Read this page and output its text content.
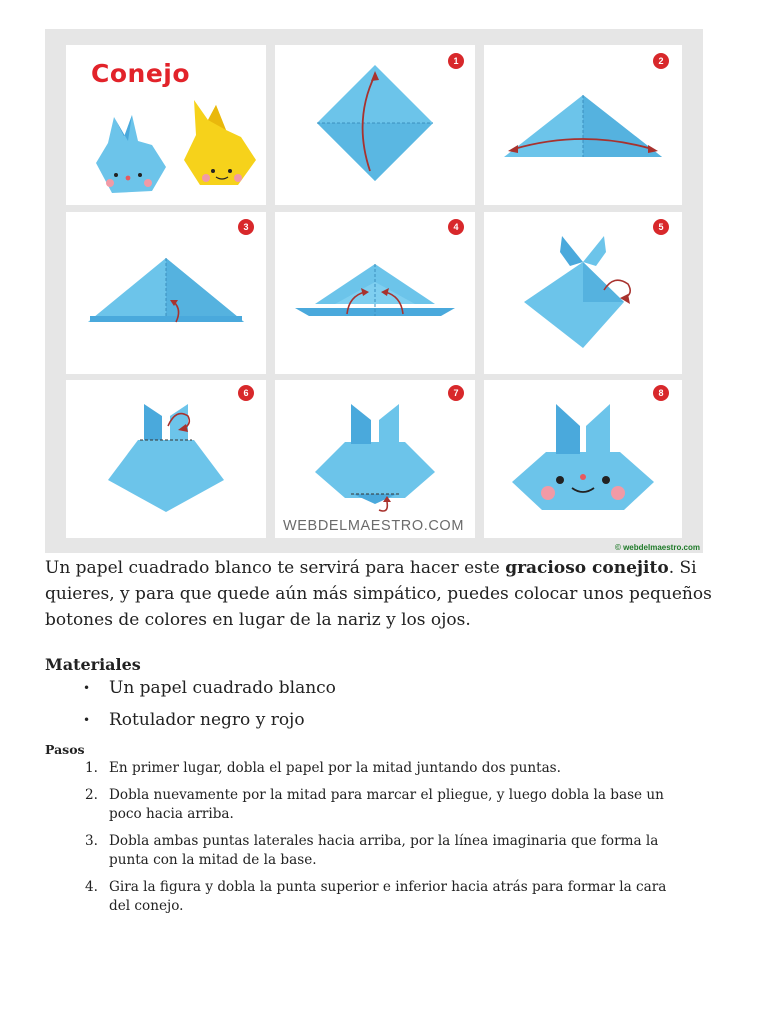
Conejo	1	2
3	4	5
6	7	8
WEBDELMAESTRO.COM
© webdelmaestro.com

Un papel cuadrado blanco te servirá para hacer este gracioso conejito. Si quieres, y para que quede aún más simpático, puedes colocar unos pequeños botones de colores en lugar de la nariz y los ojos.

Materiales
Un papel cuadrado blanco
Rotulador negro y rojo
Pasos
1. En primer lugar, dobla el papel por la mitad juntando dos puntas.
2. Dobla nuevamente por la mitad para marcar el pliegue, y luego dobla la base un poco hacia arriba.
3. Dobla ambas puntas laterales hacia arriba, por la línea imaginaria que forma la punta con la mitad de la base.
4. Gira la figura y dobla la punta superior e inferior hacia atrás para formar la cara del conejo.
